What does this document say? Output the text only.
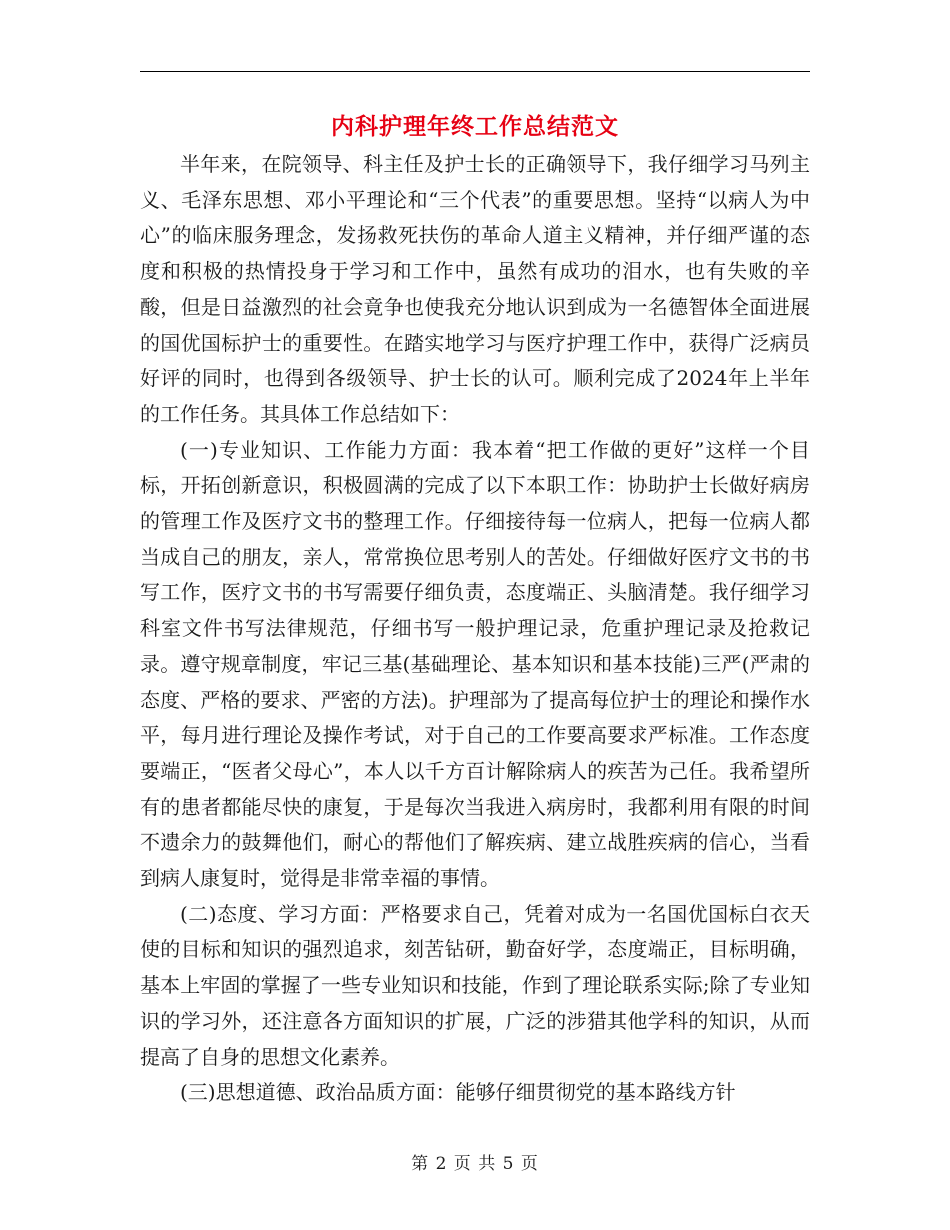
内科护理年终工作总结范文

半年来，在院领导、科主任及护士长的正确领导下，我仔细学习马列主义、毛泽东思想、邓小平理论和“三个代表”的重要思想。坚持“以病人为中心”的临床服务理念，发扬救死扶伤的革命人道主义精神，并仔细严谨的态度和积极的热情投身于学习和工作中，虽然有成功的泪水，也有失败的辛酸，但是日益激烈的社会竟争也使我充分地认识到成为一名德智体全面进展的国优国标护士的重要性。在踏实地学习与医疗护理工作中，获得广泛病员好评的同时，也得到各级领导、护士长的认可。顺利完成了2024年上半年的工作任务。其具体工作总结如下：

(一)专业知识、工作能力方面：我本着“把工作做的更好”这样一个目标，开拓创新意识，积极圆满的完成了以下本职工作：协助护士长做好病房的管理工作及医疗文书的整理工作。仔细接待每一位病人，把每一位病人都当成自己的朋友，亲人，常常换位思考别人的苦处。仔细做好医疗文书的书写工作，医疗文书的书写需要仔细负责，态度端正、头脑清楚。我仔细学习科室文件书写法律规范，仔细书写一般护理记录，危重护理记录及抢救记录。遵守规章制度，牢记三基(基础理论、基本知识和基本技能)三严(严肃的态度、严格的要求、严密的方法)。护理部为了提高每位护士的理论和操作水平，每月进行理论及操作考试，对于自己的工作要高要求严标准。工作态度要端正，“医者父母心”，本人以千方百计解除病人的疾苦为己任。我希望所有的患者都能尽快的康复，于是每次当我进入病房时，我都利用有限的时间不遗余力的鼓舞他们，耐心的帮他们了解疾病、建立战胜疾病的信心，当看到病人康复时，觉得是非常幸福的事情。

(二)态度、学习方面：严格要求自己，凭着对成为一名国优国标白衣天使的目标和知识的强烈追求，刻苦钻研，勤奋好学，态度端正，目标明确，基本上牢固的掌握了一些专业知识和技能，作到了理论联系实际;除了专业知识的学习外，还注意各方面知识的扩展，广泛的涉猎其他学科的知识，从而提高了自身的思想文化素养。

(三)思想道德、政治品质方面：能够仔细贯彻党的基本路线方针

第 2 页 共 5 页
